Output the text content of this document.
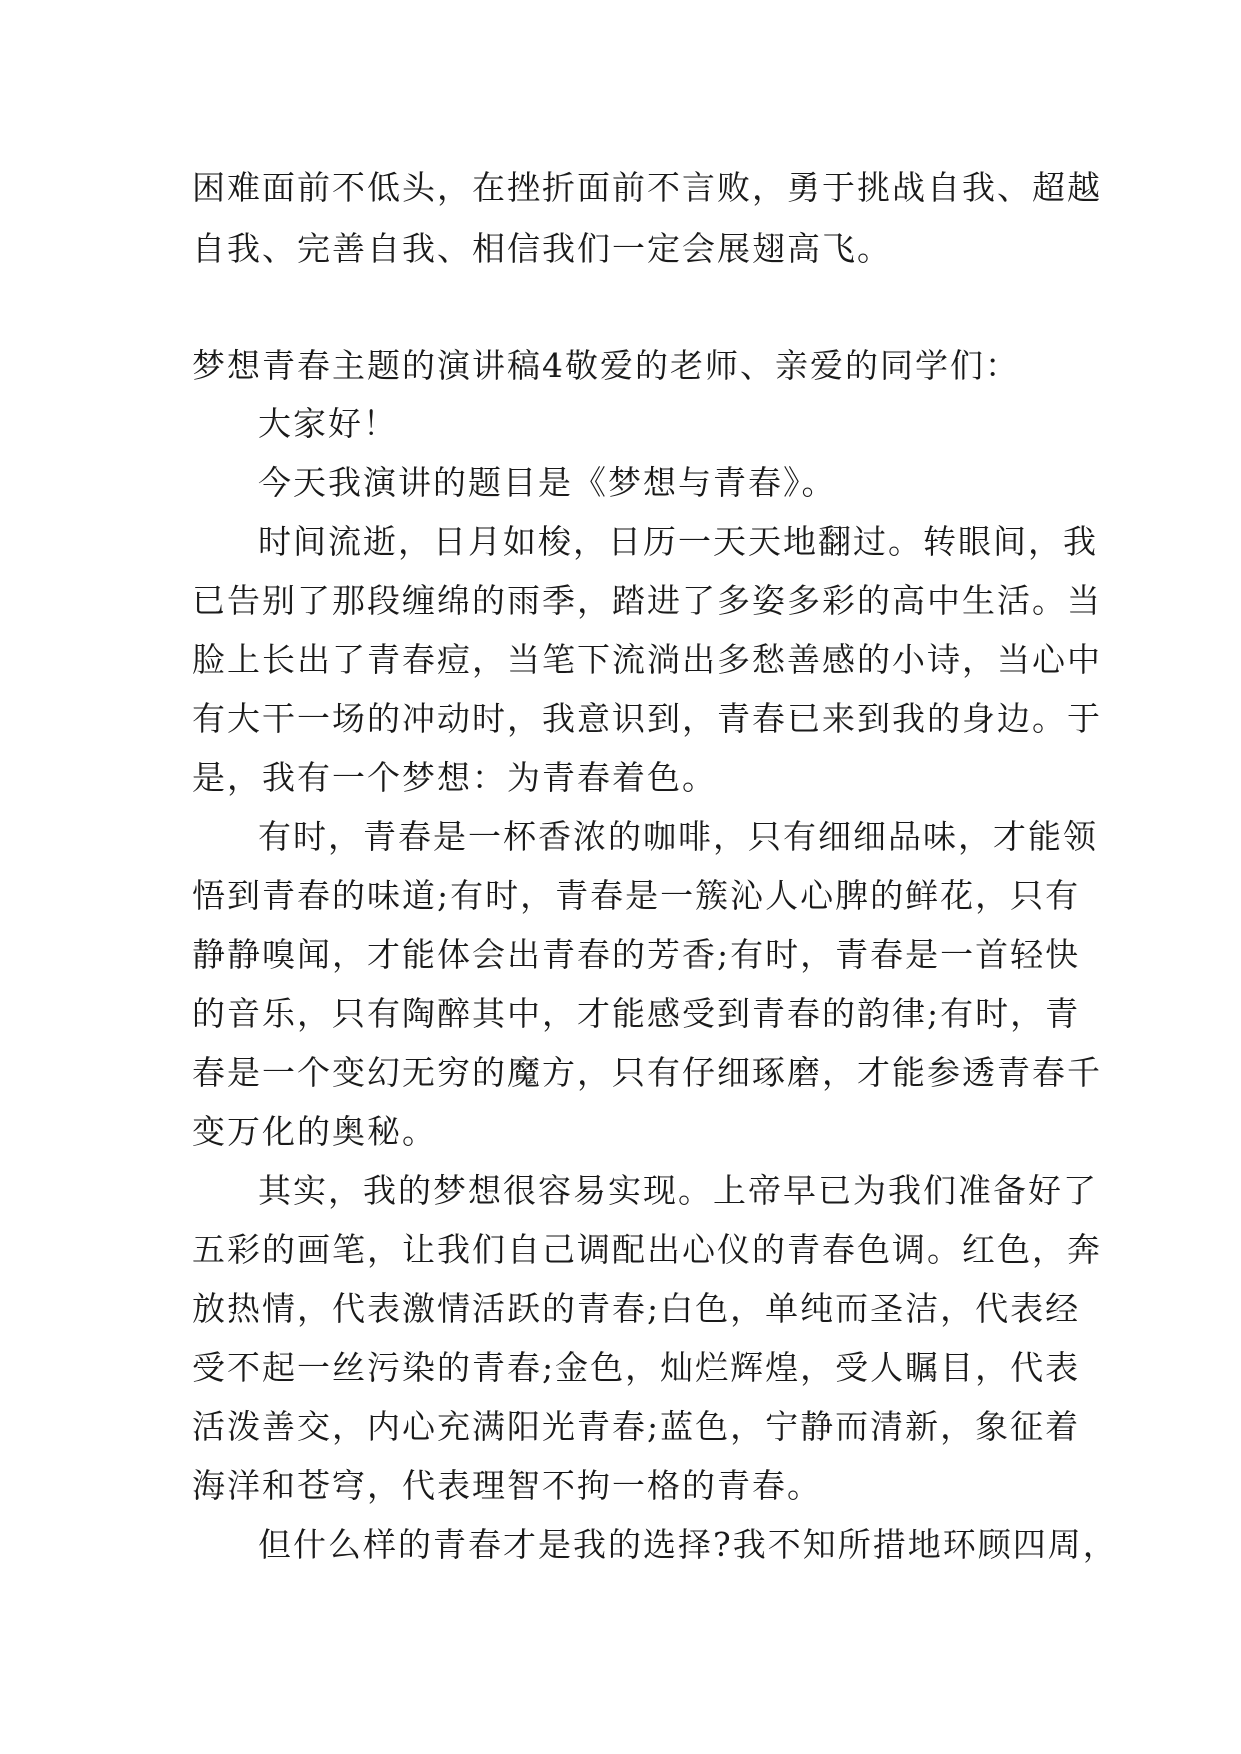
困难面前不低头，在挫折面前不言败，勇于挑战自我、超越
自我、完善自我、相信我们一定会展翅高飞。
梦想青春主题的演讲稿4敬爱的老师、亲爱的同学们：
大家好！
今天我演讲的题目是《梦想与青春》。
时间流逝，日月如梭，日历一天天地翻过。转眼间，我
已告别了那段缠绵的雨季，踏进了多姿多彩的高中生活。当
脸上长出了青春痘，当笔下流淌出多愁善感的小诗，当心中
有大干一场的冲动时，我意识到，青春已来到我的身边。于
是，我有一个梦想：为青春着色。
有时，青春是一杯香浓的咖啡，只有细细品味，才能领
悟到青春的味道;有时，青春是一簇沁人心脾的鲜花，只有
静静嗅闻，才能体会出青春的芳香;有时，青春是一首轻快
的音乐，只有陶醉其中，才能感受到青春的韵律;有时，青
春是一个变幻无穷的魔方，只有仔细琢磨，才能参透青春千
变万化的奥秘。
其实，我的梦想很容易实现。上帝早已为我们准备好了
五彩的画笔，让我们自己调配出心仪的青春色调。红色，奔
放热情，代表激情活跃的青春;白色，单纯而圣洁，代表经
受不起一丝污染的青春;金色，灿烂辉煌，受人瞩目，代表
活泼善交，内心充满阳光青春;蓝色，宁静而清新，象征着
海洋和苍穹，代表理智不拘一格的青春。
但什么样的青春才是我的选择?我不知所措地环顾四周，
